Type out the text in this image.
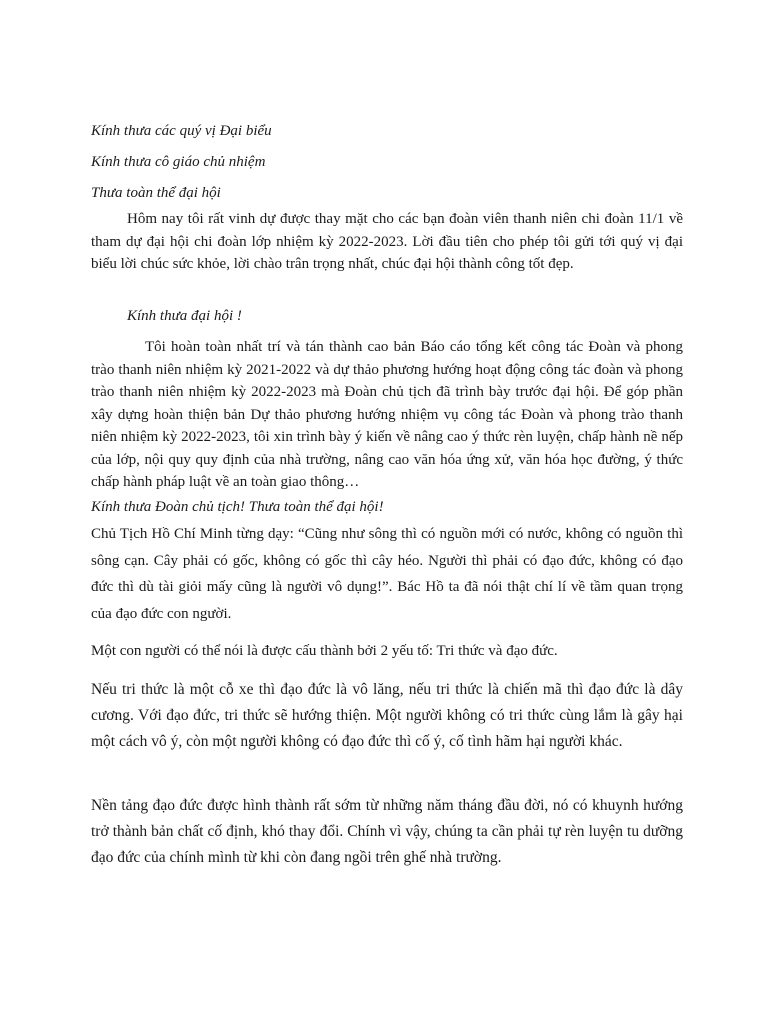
Kính thưa các quý vị Đại biểu
Kính thưa cô giáo chủ nhiệm
Thưa toàn thể đại hội

Hôm nay tôi rất vinh dự được thay mặt cho các bạn đoàn viên thanh niên chi đoàn 11/1 về tham dự đại hội chi đoàn lớp nhiệm kỳ 2022-2023. Lời đầu tiên cho phép tôi gửi tới quý vị đại biểu lời chúc sức khỏe, lời chào trân trọng nhất, chúc đại hội thành công tốt đẹp.

Kính thưa đại hội !

Tôi hoàn toàn nhất trí và tán thành cao bản Báo cáo tổng kết công tác Đoàn và phong trào thanh niên nhiệm kỳ 2021-2022 và dự thảo phương hướng hoạt động công tác đoàn và phong trào thanh niên nhiệm kỳ 2022-2023 mà Đoàn chủ tịch đã trình bày trước đại hội. Để góp phần xây dựng hoàn thiện bản Dự thảo phương hướng nhiệm vụ công tác Đoàn và phong trào thanh niên nhiệm kỳ 2022-2023, tôi xin trình bày ý kiến về nâng cao ý thức rèn luyện, chấp hành nề nếp của lớp, nội quy quy định của nhà trường, nâng cao văn hóa ứng xử, văn hóa học đường, ý thức chấp hành pháp luật về an toàn giao thông…

Kính thưa Đoàn chủ tịch! Thưa toàn thể đại hội!

Chủ Tịch Hồ Chí Minh từng dạy: “Cũng như sông thì có nguồn mới có nước, không có nguồn thì sông cạn. Cây phải có gốc, không có gốc thì cây héo. Người thì phải có đạo đức, không có đạo đức thì dù tài giỏi mấy cũng là người vô dụng!”. Bác Hồ ta đã nói thật chí lí về tầm quan trọng của đạo đức con người.

Một con người có thể nói là được cấu thành bởi 2 yếu tố: Tri thức và đạo đức.

Nếu tri thức là một cỗ xe thì đạo đức là vô lăng, nếu tri thức là chiến mã thì đạo đức là dây cương. Với đạo đức, tri thức sẽ hướng thiện. Một người không có tri thức cùng lắm là gây hại một cách vô ý, còn một người không có đạo đức thì cố ý, cố tình hãm hại người khác.

Nền tảng đạo đức được hình thành rất sớm từ những năm tháng đầu đời, nó có khuynh hướng trở thành bản chất cố định, khó thay đổi. Chính vì vậy, chúng ta cần phải tự rèn luyện tu dưỡng đạo đức của chính mình từ khi còn đang ngồi trên ghế nhà trường.
